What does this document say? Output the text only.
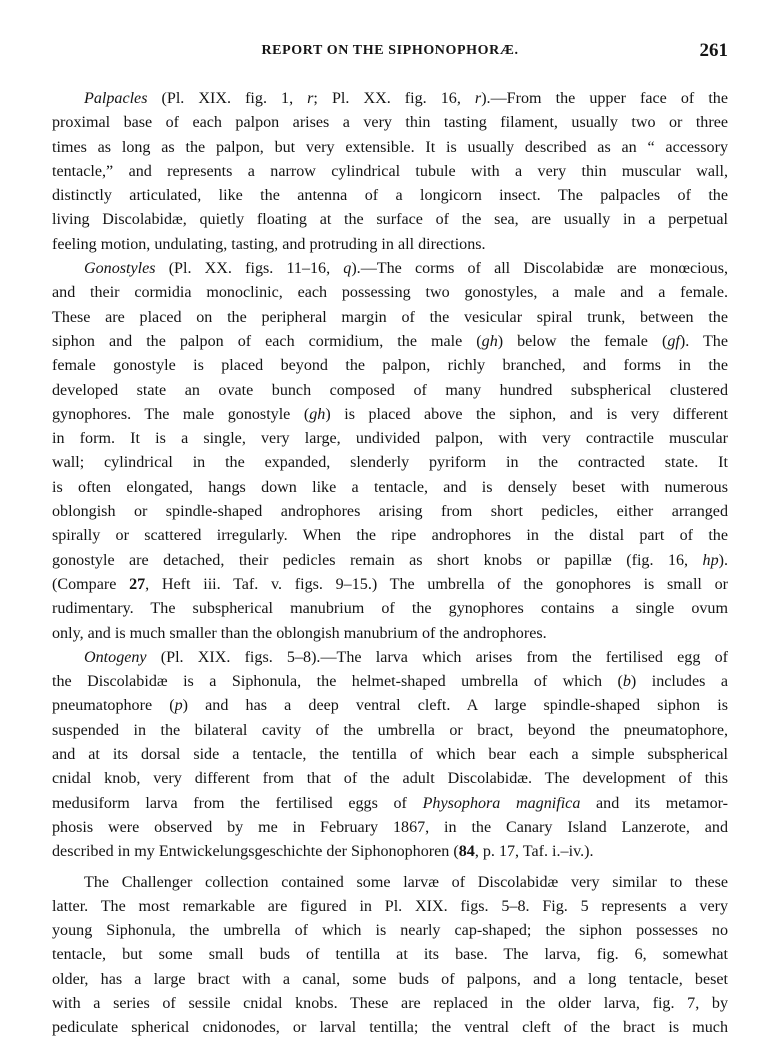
REPORT ON THE SIPHONOPHORÆ.	261
Palpacles (Pl. XIX. fig. 1, r; Pl. XX. fig. 16, r).—From the upper face of the
proximal base of each palpon arises a very thin tasting filament, usually two or three
times as long as the palpon, but very extensible. It is usually described as an “ accessory
tentacle,” and represents a narrow cylindrical tubule with a very thin muscular wall,
distinctly articulated, like the antenna of a longicorn insect. The palpacles of the
living Discolabidæ, quietly floating at the surface of the sea, are usually in a perpetual
feeling motion, undulating, tasting, and protruding in all directions.
Gonostyles (Pl. XX. figs. 11–16, q).—The corms of all Discolabidæ are monœcious,
and their cormidia monoclinic, each possessing two gonostyles, a male and a female.
These are placed on the peripheral margin of the vesicular spiral trunk, between the
siphon and the palpon of each cormidium, the male (gh) below the female (gf). The
female gonostyle is placed beyond the palpon, richly branched, and forms in the
developed state an ovate bunch composed of many hundred subspherical clustered
gynophores. The male gonostyle (gh) is placed above the siphon, and is very different
in form. It is a single, very large, undivided palpon, with very contractile muscular
wall; cylindrical in the expanded, slenderly pyriform in the contracted state. It
is often elongated, hangs down like a tentacle, and is densely beset with numerous
oblongish or spindle-shaped androphores arising from short pedicles, either arranged
spirally or scattered irregularly. When the ripe androphores in the distal part of the
gonostyle are detached, their pedicles remain as short knobs or papillæ (fig. 16, hp).
(Compare 27, Heft iii. Taf. v. figs. 9–15.) The umbrella of the gonophores is small or
rudimentary. The subspherical manubrium of the gynophores contains a single ovum
only, and is much smaller than the oblongish manubrium of the androphores.
Ontogeny (Pl. XIX. figs. 5–8).—The larva which arises from the fertilised egg of
the Discolabidæ is a Siphonula, the helmet-shaped umbrella of which (b) includes a
pneumatophore (p) and has a deep ventral cleft. A large spindle-shaped siphon is
suspended in the bilateral cavity of the umbrella or bract, beyond the pneumatophore,
and at its dorsal side a tentacle, the tentilla of which bear each a simple subspherical
cnidal knob, very different from that of the adult Discolabidæ. The development of this
medusiform larva from the fertilised eggs of Physophora magnifica and its metamor-
phosis were observed by me in February 1867, in the Canary Island Lanzerote, and
described in my Entwickelungsgeschichte der Siphonophoren (84, p. 17, Taf. i.–iv.).
The Challenger collection contained some larvæ of Discolabidæ very similar to these
latter. The most remarkable are figured in Pl. XIX. figs. 5–8. Fig. 5 represents a very
young Siphonula, the umbrella of which is nearly cap-shaped; the siphon possesses no
tentacle, but some small buds of tentilla at its base. The larva, fig. 6, somewhat
older, has a large bract with a canal, some buds of palpons, and a long tentacle, beset
with a series of sessile cnidal knobs. These are replaced in the older larva, fig. 7, by
pediculate spherical cnidonodes, or larval tentilla; the ventral cleft of the bract is much
